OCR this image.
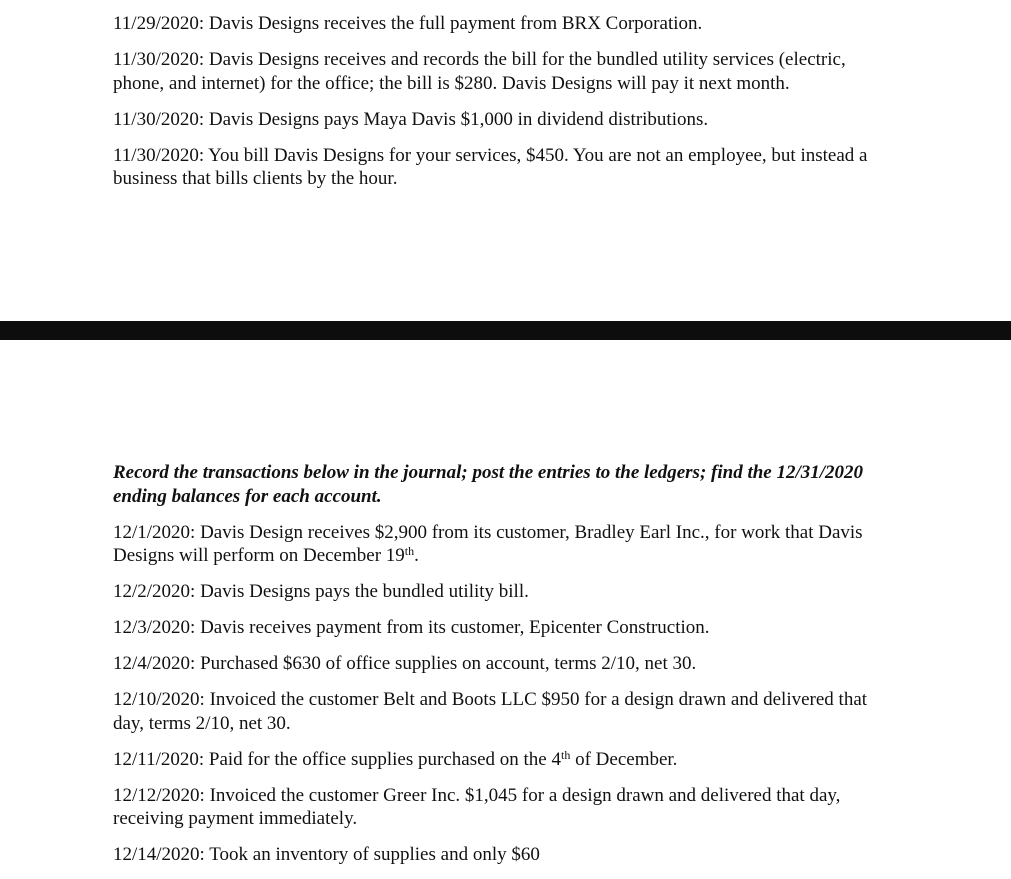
11/29/2020: Davis Designs receives the full payment from BRX Corporation.

11/30/2020: Davis Designs receives and records the bill for the bundled utility services (electric, phone, and internet) for the office; the bill is $280. Davis Designs will pay it next month.

11/30/2020: Davis Designs pays Maya Davis $1,000 in dividend distributions.

11/30/2020: You bill Davis Designs for your services, $450. You are not an employee, but instead a business that bills clients by the hour.

Record the transactions below in the journal; post the entries to the ledgers; find the 12/31/2020 ending balances for each account.

12/1/2020: Davis Design receives $2,900 from its customer, Bradley Earl Inc., for work that Davis Designs will perform on December 19th.

12/2/2020: Davis Designs pays the bundled utility bill.

12/3/2020: Davis receives payment from its customer, Epicenter Construction.

12/4/2020: Purchased $630 of office supplies on account, terms 2/10, net 30.

12/10/2020: Invoiced the customer Belt and Boots LLC $950 for a design drawn and delivered that day, terms 2/10, net 30.

12/11/2020: Paid for the office supplies purchased on the 4th of December.

12/12/2020: Invoiced the customer Greer Inc. $1,045 for a design drawn and delivered that day, receiving payment immediately.

12/14/2020: Took an inventory of supplies and only $60
